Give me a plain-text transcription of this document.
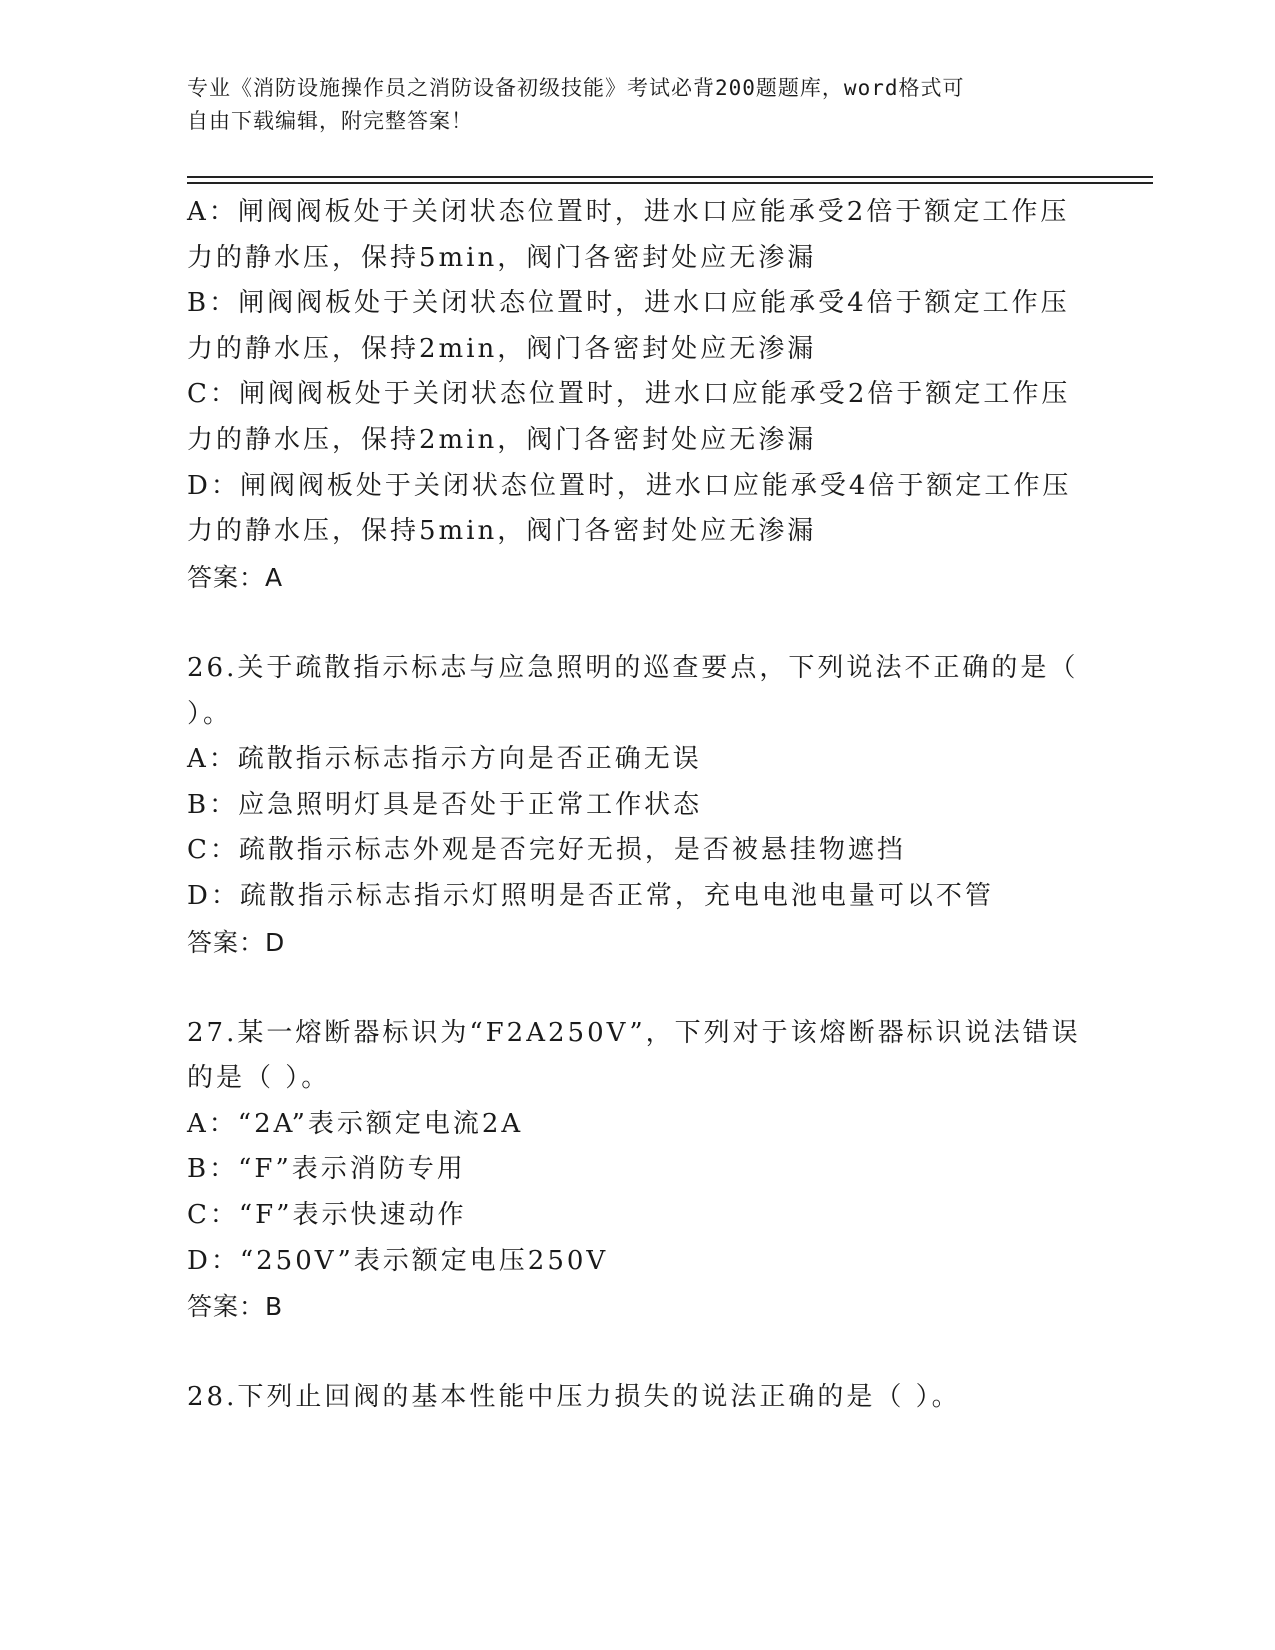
专业《消防设施操作员之消防设备初级技能》考试必背200题题库，word格式可
自由下载编辑，附完整答案！
A：闸阀阀板处于关闭状态位置时，进水口应能承受2倍于额定工作压
力的静水压，保持5min，阀门各密封处应无渗漏
B：闸阀阀板处于关闭状态位置时，进水口应能承受4倍于额定工作压
力的静水压，保持2min，阀门各密封处应无渗漏
C：闸阀阀板处于关闭状态位置时，进水口应能承受2倍于额定工作压
力的静水压，保持2min，阀门各密封处应无渗漏
D：闸阀阀板处于关闭状态位置时，进水口应能承受4倍于额定工作压
力的静水压，保持5min，阀门各密封处应无渗漏
答案：A
26.关于疏散指示标志与应急照明的巡查要点，下列说法不正确的是（
）。
A：疏散指示标志指示方向是否正确无误
B：应急照明灯具是否处于正常工作状态
C：疏散指示标志外观是否完好无损，是否被悬挂物遮挡
D：疏散指示标志指示灯照明是否正常，充电电池电量可以不管
答案：D
27.某一熔断器标识为“F2A250V”，下列对于该熔断器标识说法错误
的是（ ）。
A：“2A”表示额定电流2A
B：“F”表示消防专用
C：“F”表示快速动作
D：“250V”表示额定电压250V
答案：B
28.下列止回阀的基本性能中压力损失的说法正确的是（ ）。
